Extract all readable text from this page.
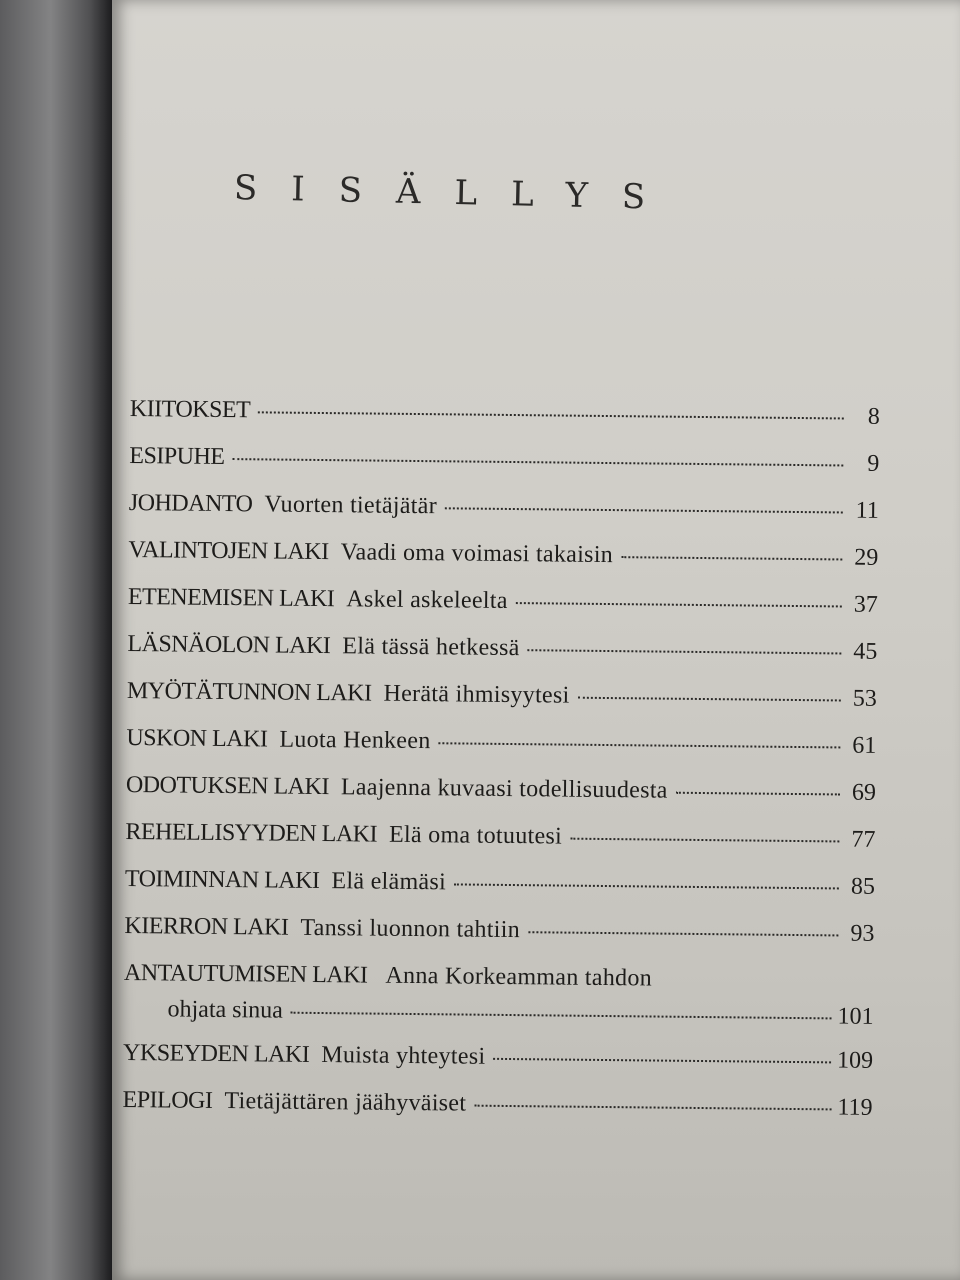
SISÄLLYS
KIITOKSET	8
ESIPUHE	9
JOHDANTO Vuorten tietäjätär	11
VALINTOJEN LAKI Vaadi oma voimasi takaisin	29
ETENEMISEN LAKI Askel askeleelta	37
LÄSNÄOLON LAKI Elä tässä hetkessä	45
MYÖTÄTUNNON LAKI Herätä ihmisyytesi	53
USKON LAKI Luota Henkeen	61
ODOTUKSEN LAKI Laajenna kuvaasi todellisuudesta	69
REHELLISYYDEN LAKI Elä oma totuutesi	77
TOIMINNAN LAKI Elä elämäsi	85
KIERRON LAKI Tanssi luonnon tahtiin	93
ANTAUTUMISEN LAKI Anna Korkeamman tahdon
ohjata sinua	101
YKSEYDEN LAKI Muista yhteytesi	109
EPILOGI Tietäjättären jäähyväiset	119
